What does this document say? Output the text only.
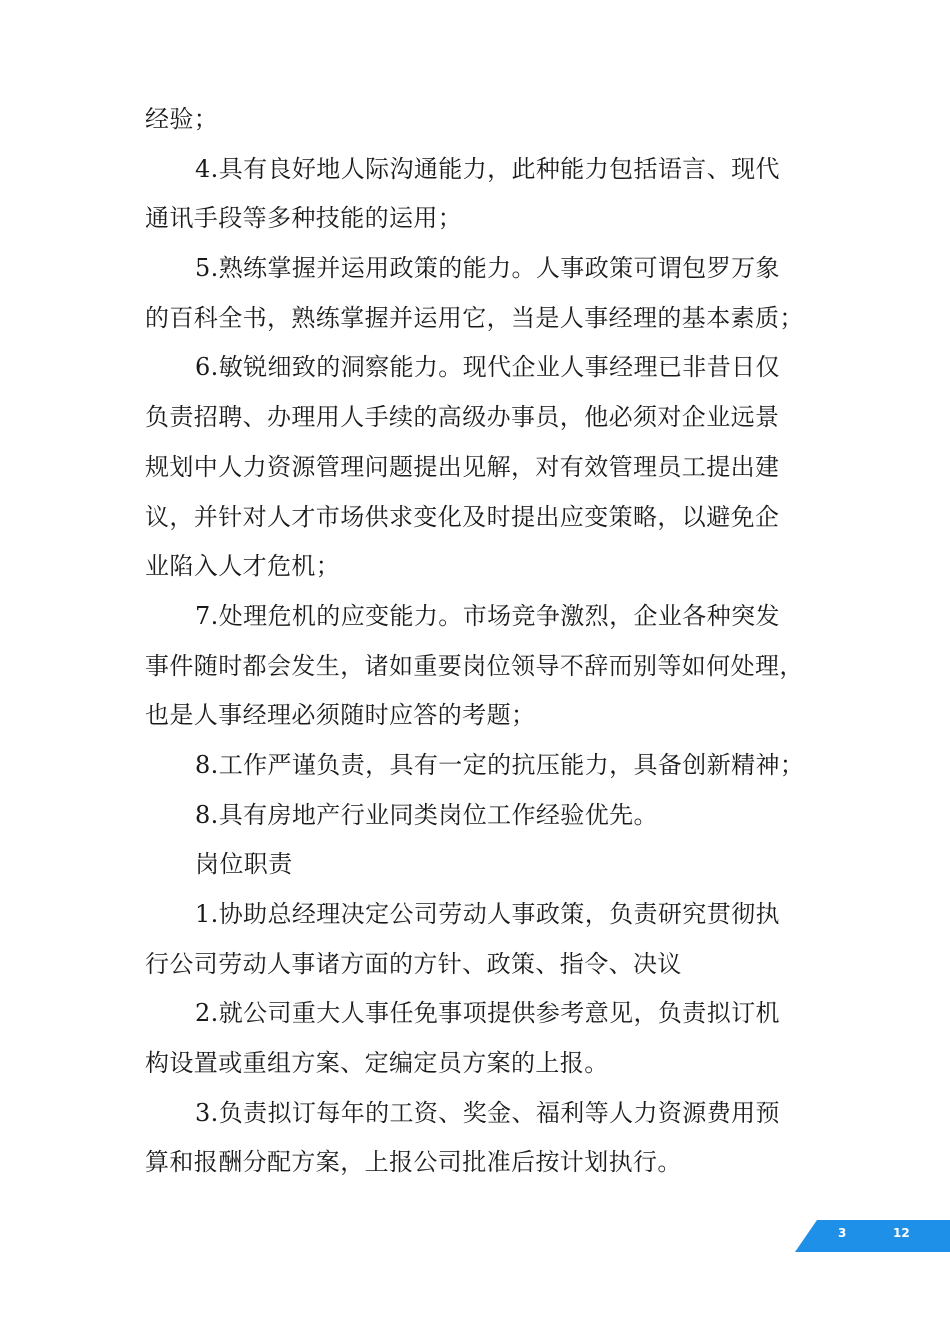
经验；
4.具有良好地人际沟通能力，此种能力包括语言、现代
通讯手段等多种技能的运用；
5.熟练掌握并运用政策的能力。人事政策可谓包罗万象
的百科全书，熟练掌握并运用它，当是人事经理的基本素质；
6.敏锐细致的洞察能力。现代企业人事经理已非昔日仅
负责招聘、办理用人手续的高级办事员，他必须对企业远景
规划中人力资源管理问题提出见解，对有效管理员工提出建
议，并针对人才市场供求变化及时提出应变策略，以避免企
业陷入人才危机；
7.处理危机的应变能力。市场竞争激烈，企业各种突发
事件随时都会发生，诸如重要岗位领导不辞而别等如何处理，
也是人事经理必须随时应答的考题；
8.工作严谨负责，具有一定的抗压能力，具备创新精神；
8.具有房地产行业同类岗位工作经验优先。
岗位职责
1.协助总经理决定公司劳动人事政策，负责研究贯彻执
行公司劳动人事诸方面的方针、政策、指令、决议
2.就公司重大人事任免事项提供参考意见，负责拟订机
构设置或重组方案、定编定员方案的上报。
3.负责拟订每年的工资、奖金、福利等人力资源费用预
算和报酬分配方案，上报公司批准后按计划执行。
3	12
